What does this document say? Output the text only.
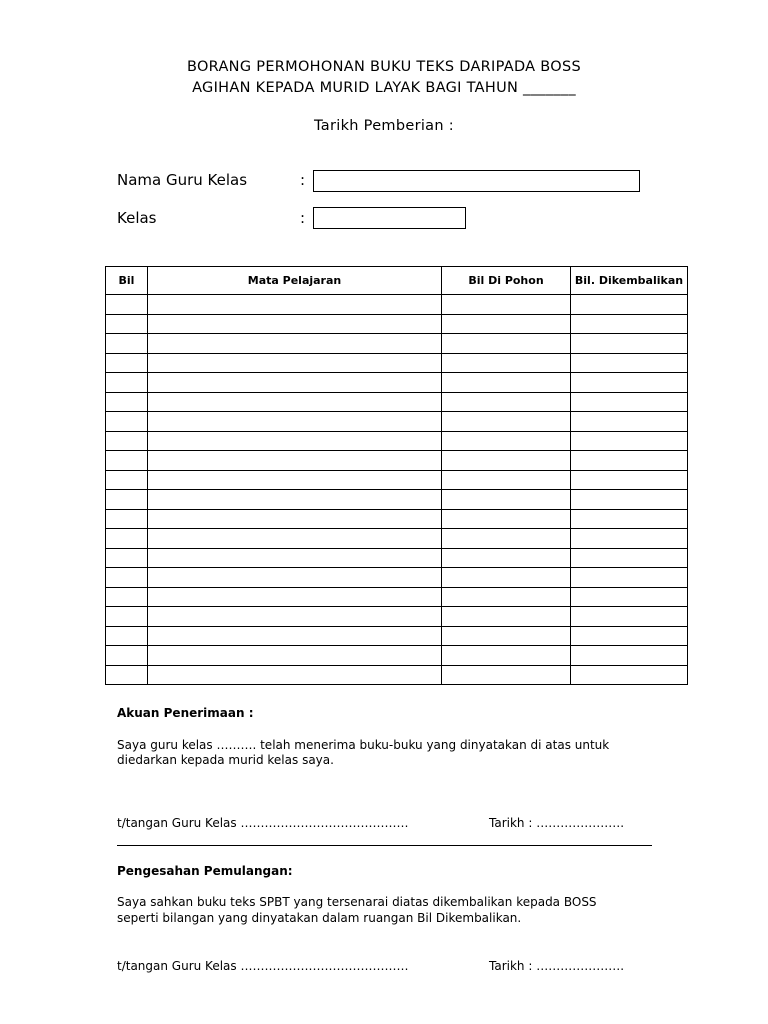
BORANG PERMOHONAN BUKU TEKS DARIPADA BOSS
AGIHAN KEPADA MURID LAYAK BAGI TAHUN _______
Tarikh Pemberian :
Nama Guru Kelas	:
Kelas	:
Bil	Mata Pelajaran	Bil Di Pohon	Bil. Dikembalikan

Akuan Penerimaan :
Saya guru kelas ………. telah menerima buku-buku yang dinyatakan di atas untuk
diedarkan kepada murid kelas saya.
t/tangan Guru Kelas ……………………………………	Tarikh : ………………….
Pengesahan Pemulangan:
Saya sahkan buku teks SPBT yang tersenarai diatas dikembalikan kepada BOSS
seperti bilangan yang dinyatakan dalam ruangan Bil Dikembalikan.
t/tangan Guru Kelas ……………………………………	Tarikh : ………………….
